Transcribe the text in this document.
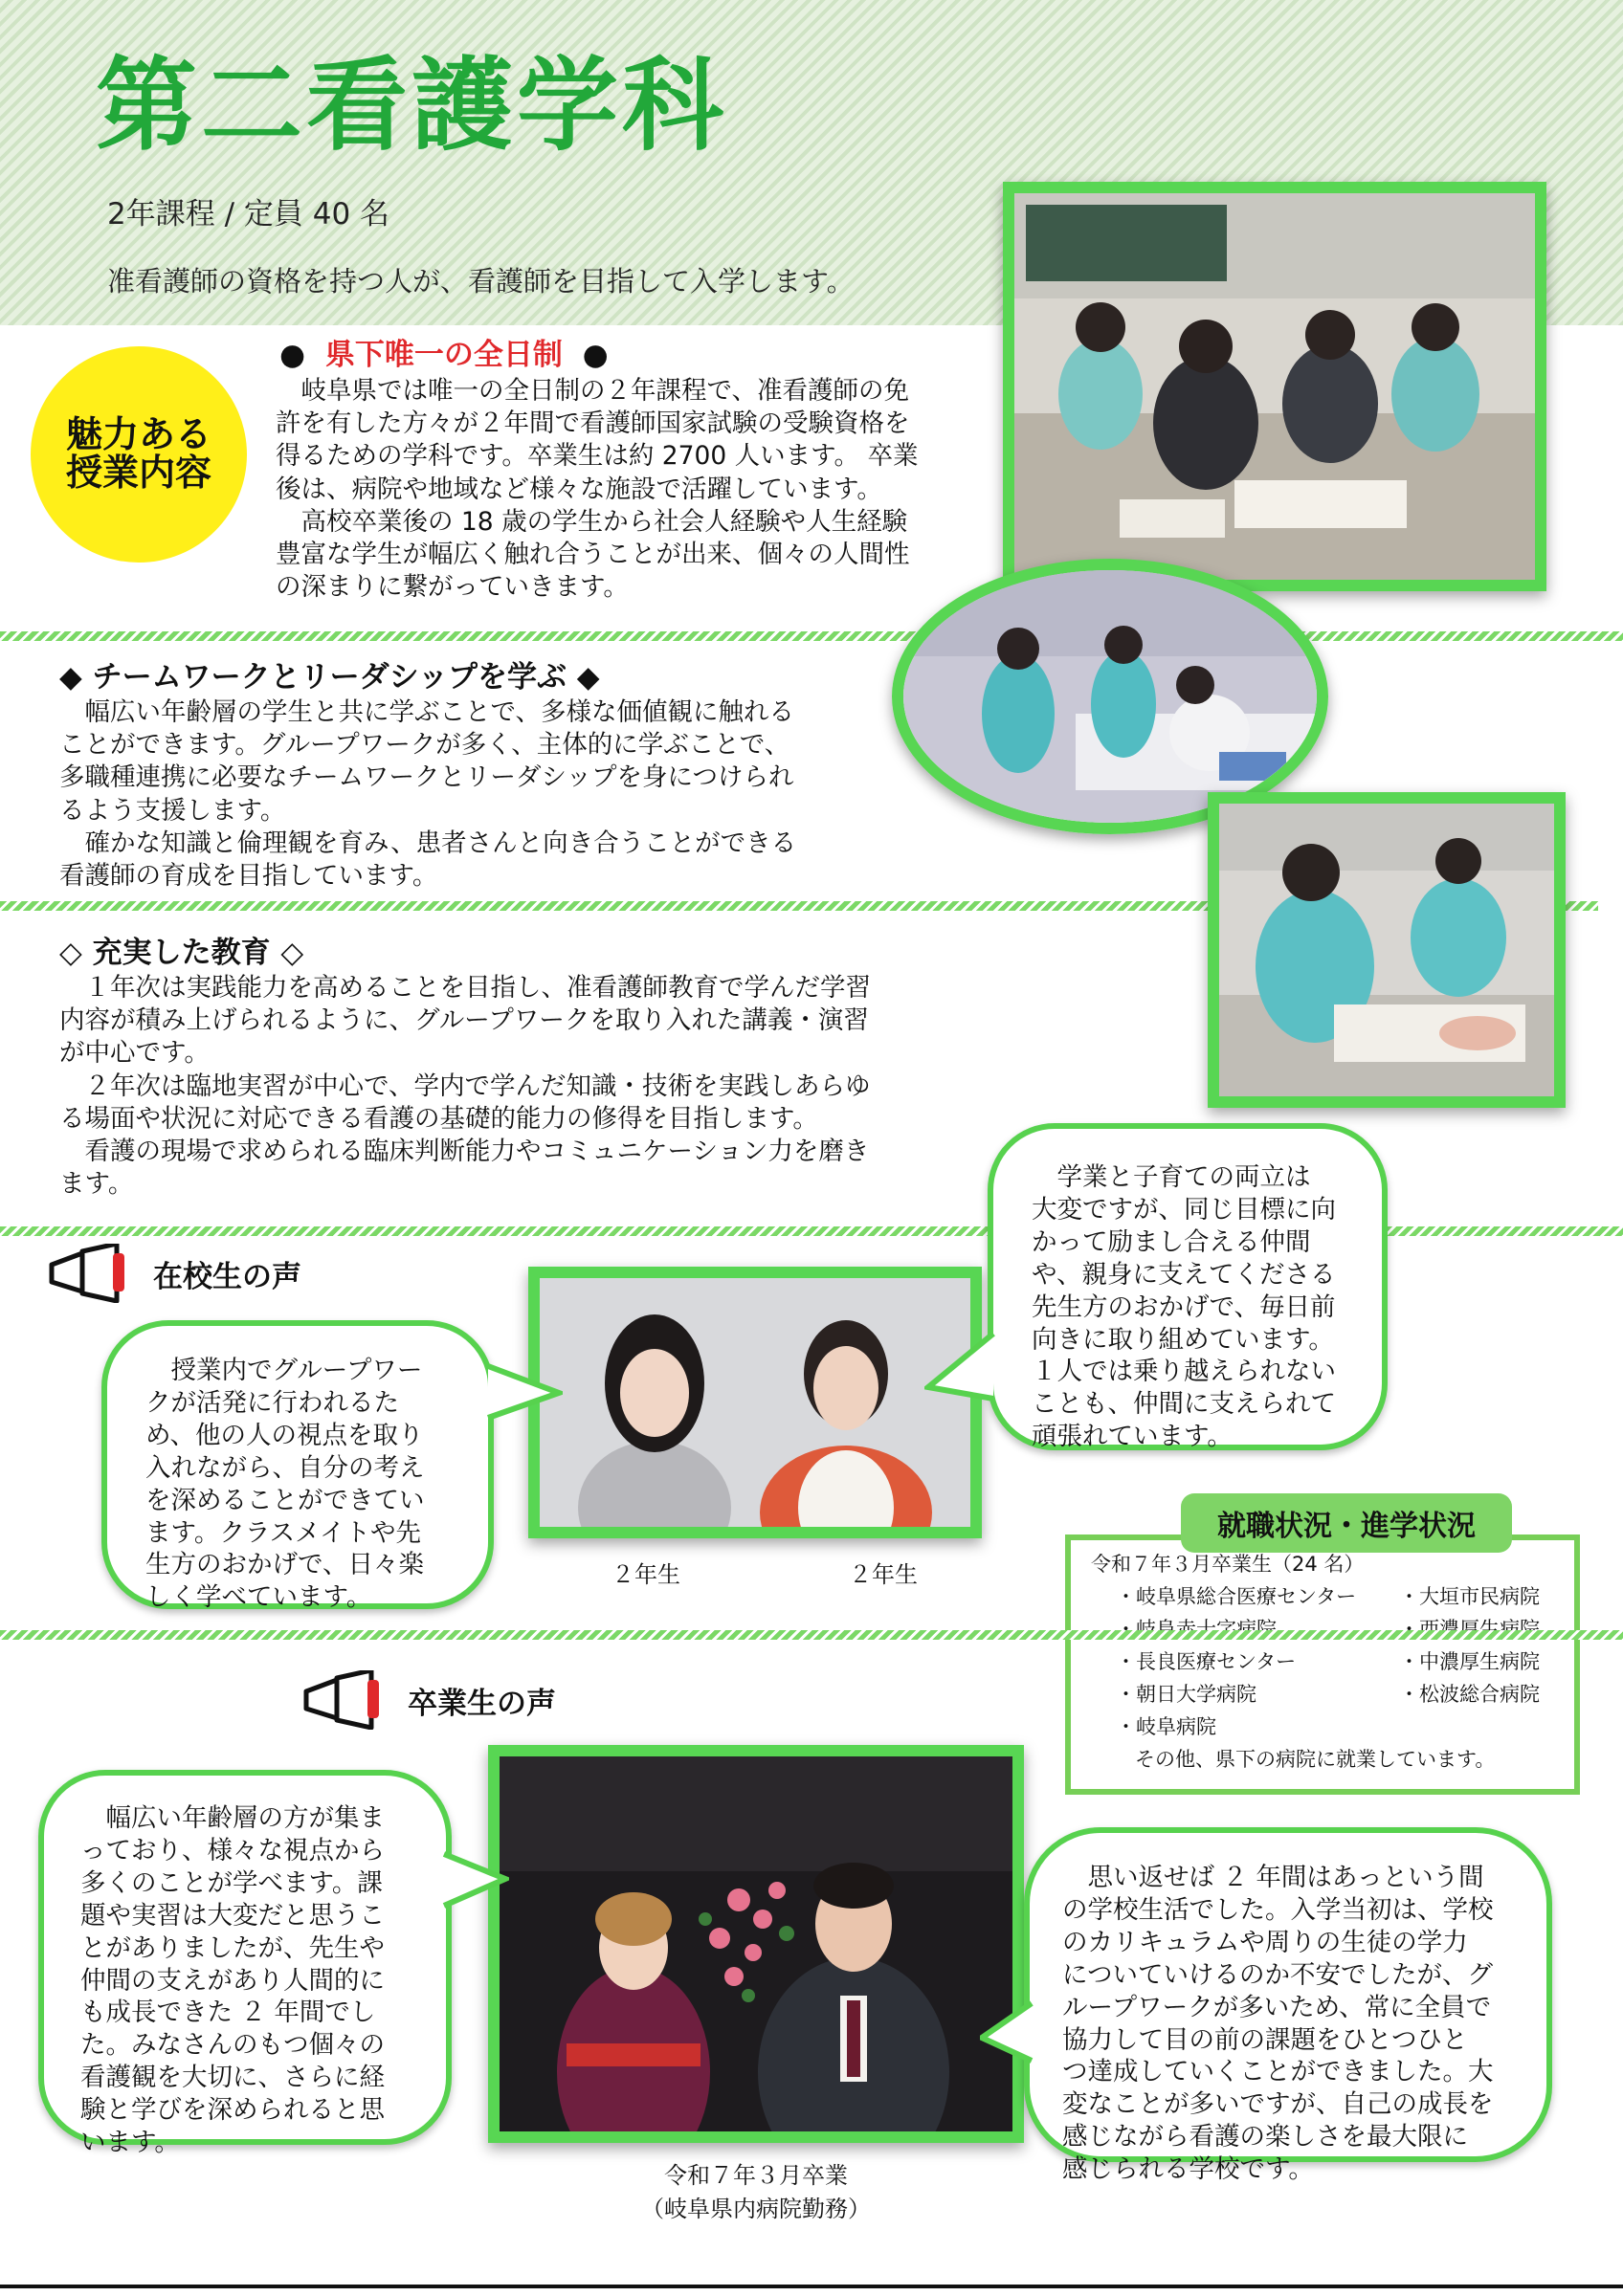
第二看護学科
2年課程 / 定員 40 名
准看護師の資格を持つ人が、看護師を目指して入学します。
魅力ある
授業内容
● 県下唯一の全日制 ●
　岐阜県では唯一の全日制の２年課程で、准看護師の免
許を有した方々が２年間で看護師国家試験の受験資格を
得るための学科です。卒業生は約 2700 人います。 卒業
後は、病院や地域など様々な施設で活躍しています。
　高校卒業後の 18 歳の学生から社会人経験や人生経験
豊富な学生が幅広く触れ合うことが出来、個々の人間性
の深まりに繋がっていきます。
◆ チームワークとリーダシップを学ぶ ◆
　幅広い年齢層の学生と共に学ぶことで、多様な価値観に触れる
ことができます。グループワークが多く、主体的に学ぶことで、
多職種連携に必要なチームワークとリーダシップを身につけられ
るよう支援します。
　確かな知識と倫理観を育み、患者さんと向き合うことができる
看護師の育成を目指しています。
◇ 充実した教育 ◇
　１年次は実践能力を高めることを目指し、准看護師教育で学んだ学習
内容が積み上げられるように、グループワークを取り入れた講義・演習
が中心です。
　２年次は臨地実習が中心で、学内で学んだ知識・技術を実践しあらゆ
る場面や状況に対応できる看護の基礎的能力の修得を目指します。
　看護の現場で求められる臨床判断能力やコミュニケーション力を磨き
ます。
在校生の声
２年生	２年生
　授業内でグループワー
クが活発に行われるた
め、他の人の視点を取り
入れながら、自分の考え
を深めることができてい
ます。クラスメイトや先
生方のおかげで、日々楽
しく学べています。
　学業と子育ての両立は
大変ですが、同じ目標に向
かって励まし合える仲間
や、親身に支えてくださる
先生方のおかげで、毎日前
向きに取り組めています。
１人では乗り越えられない
ことも、仲間に支えられて
頑張れています。
就職状況・進学状況
令和７年３月卒業生（24 名）
・岐阜県総合医療センター
・長良医療センター
・朝日大学病院
・岐阜病院
・大垣市民病院
・中濃厚生病院
・松波総合病院
その他、県下の病院に就業しています。
卒業生の声
令和７年３月卒業
（岐阜県内病院勤務）
　幅広い年齢層の方が集ま
っており、様々な視点から
多くのことが学べます。課
題や実習は大変だと思うこ
とがありましたが、先生や
仲間の支えがあり人間的に
も成長できた ２ 年間でし
た。みなさんのもつ個々の
看護観を大切に、さらに経
験と学びを深められると思
います。
　思い返せば ２ 年間はあっという間
の学校生活でした。入学当初は、学校
のカリキュラムや周りの生徒の学力
についていけるのか不安でしたが、グ
ループワークが多いため、常に全員で
協力して目の前の課題をひとつひと
つ達成していくことができました。大
変なことが多いですが、自己の成長を
感じながら看護の楽しさを最大限に
感じられる学校です。
